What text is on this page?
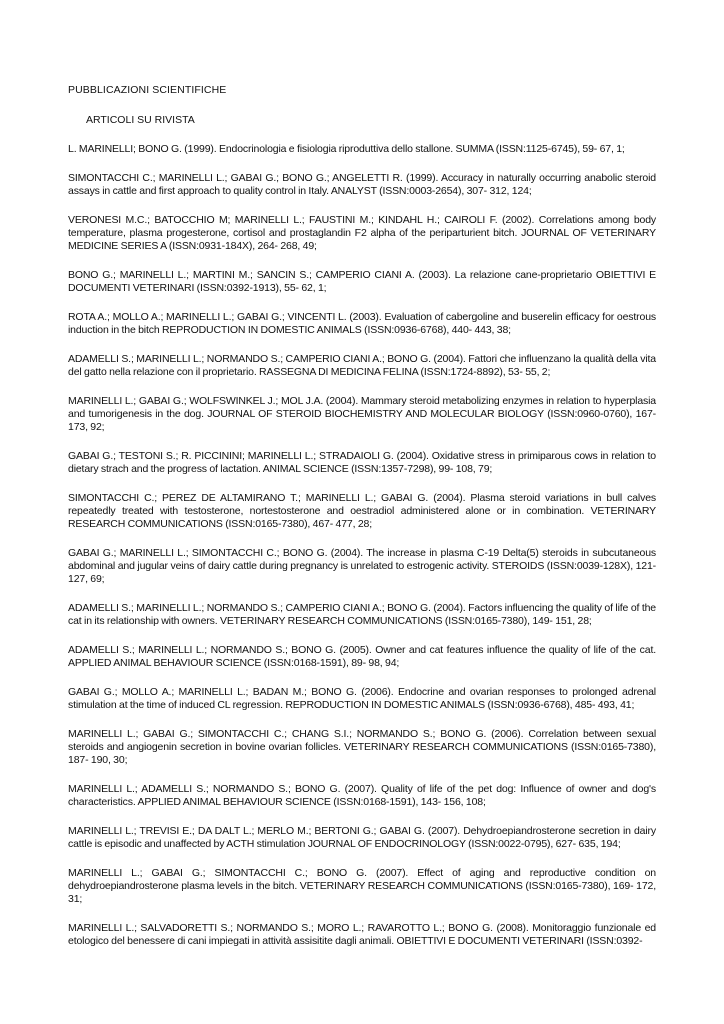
PUBBLICAZIONI SCIENTIFICHE
ARTICOLI SU RIVISTA
L. MARINELLI; BONO G. (1999). Endocrinologia e fisiologia riproduttiva dello stallone. SUMMA (ISSN:1125-6745), 59- 67, 1;
SIMONTACCHI C.; MARINELLI L.; GABAI G.; BONO G.; ANGELETTI R. (1999). Accuracy in naturally occurring anabolic steroid assays in cattle and first approach to quality control in Italy. ANALYST (ISSN:0003-2654), 307- 312, 124;
VERONESI M.C.; BATOCCHIO M; MARINELLI L.; FAUSTINI M.; KINDAHL H.; CAIROLI F. (2002). Correlations among body temperature, plasma progesterone, cortisol and prostaglandin F2 alpha of the periparturient bitch. JOURNAL OF VETERINARY MEDICINE SERIES A (ISSN:0931-184X), 264- 268, 49;
BONO G.; MARINELLI L.; MARTINI M.; SANCIN S.; CAMPERIO CIANI A. (2003). La relazione cane-proprietario OBIETTIVI E DOCUMENTI VETERINARI (ISSN:0392-1913), 55- 62, 1;
ROTA A.; MOLLO A.; MARINELLI L.; GABAI G.; VINCENTI L. (2003). Evaluation of cabergoline and buserelin efficacy for oestrous induction in the bitch REPRODUCTION IN DOMESTIC ANIMALS (ISSN:0936-6768), 440- 443, 38;
ADAMELLI S.; MARINELLI L.; NORMANDO S.; CAMPERIO CIANI A.; BONO G. (2004). Fattori che influenzano la qualità della vita del gatto nella relazione con il proprietario. RASSEGNA DI MEDICINA FELINA (ISSN:1724-8892), 53- 55, 2;
MARINELLI L.; GABAI G.; WOLFSWINKEL J.; MOL J.A. (2004). Mammary steroid metabolizing enzymes in relation to hyperplasia and tumorigenesis in the dog. JOURNAL OF STEROID BIOCHEMISTRY AND MOLECULAR BIOLOGY (ISSN:0960-0760), 167- 173, 92;
GABAI G.; TESTONI S.; R. PICCININI; MARINELLI L.; STRADAIOLI G. (2004). Oxidative stress in primiparous cows in relation to dietary strach and the progress of lactation. ANIMAL SCIENCE (ISSN:1357-7298), 99- 108, 79;
SIMONTACCHI C.; PEREZ DE ALTAMIRANO T.; MARINELLI L.; GABAI G. (2004). Plasma steroid variations in bull calves repeatedly treated with testosterone, nortestosterone and oestradiol administered alone or in combination. VETERINARY RESEARCH COMMUNICATIONS (ISSN:0165-7380), 467- 477, 28;
GABAI G.; MARINELLI L.; SIMONTACCHI C.; BONO G. (2004). The increase in plasma C-19 Delta(5) steroids in subcutaneous abdominal and jugular veins of dairy cattle during pregnancy is unrelated to estrogenic activity. STEROIDS (ISSN:0039-128X), 121- 127, 69;
ADAMELLI S.; MARINELLI L.; NORMANDO S.; CAMPERIO CIANI A.; BONO G. (2004). Factors influencing the quality of life of the cat in its relationship with owners. VETERINARY RESEARCH COMMUNICATIONS (ISSN:0165-7380), 149- 151, 28;
ADAMELLI S.; MARINELLI L.; NORMANDO S.; BONO G. (2005). Owner and cat features influence the quality of life of the cat. APPLIED ANIMAL BEHAVIOUR SCIENCE (ISSN:0168-1591), 89- 98, 94;
GABAI G.; MOLLO A.; MARINELLI L.; BADAN M.; BONO G. (2006). Endocrine and ovarian responses to prolonged adrenal stimulation at the time of induced CL regression. REPRODUCTION IN DOMESTIC ANIMALS (ISSN:0936-6768), 485- 493, 41;
MARINELLI L.; GABAI G.; SIMONTACCHI C.; CHANG S.I.; NORMANDO S.; BONO G. (2006). Correlation between sexual steroids and angiogenin secretion in bovine ovarian follicles. VETERINARY RESEARCH COMMUNICATIONS (ISSN:0165-7380), 187- 190, 30;
MARINELLI L.; ADAMELLI S.; NORMANDO S.; BONO G. (2007). Quality of life of the pet dog: Influence of owner and dog's characteristics. APPLIED ANIMAL BEHAVIOUR SCIENCE (ISSN:0168-1591), 143- 156, 108;
MARINELLI L.; TREVISI E.; DA DALT L.; MERLO M.; BERTONI G.; GABAI G. (2007). Dehydroepiandrosterone secretion in dairy cattle is episodic and unaffected by ACTH stimulation JOURNAL OF ENDOCRINOLOGY (ISSN:0022-0795), 627- 635, 194;
MARINELLI L.; GABAI G.; SIMONTACCHI C.; BONO G. (2007). Effect of aging and reproductive condition on dehydroepiandrosterone plasma levels in the bitch. VETERINARY RESEARCH COMMUNICATIONS (ISSN:0165-7380), 169- 172, 31;
MARINELLI L.; SALVADORETTI S.; NORMANDO S.; MORO L.; RAVAROTTO L.; BONO G. (2008). Monitoraggio funzionale ed etologico del benessere di cani impiegati in attività assisitite dagli animali. OBIETTIVI E DOCUMENTI VETERINARI (ISSN:0392-
